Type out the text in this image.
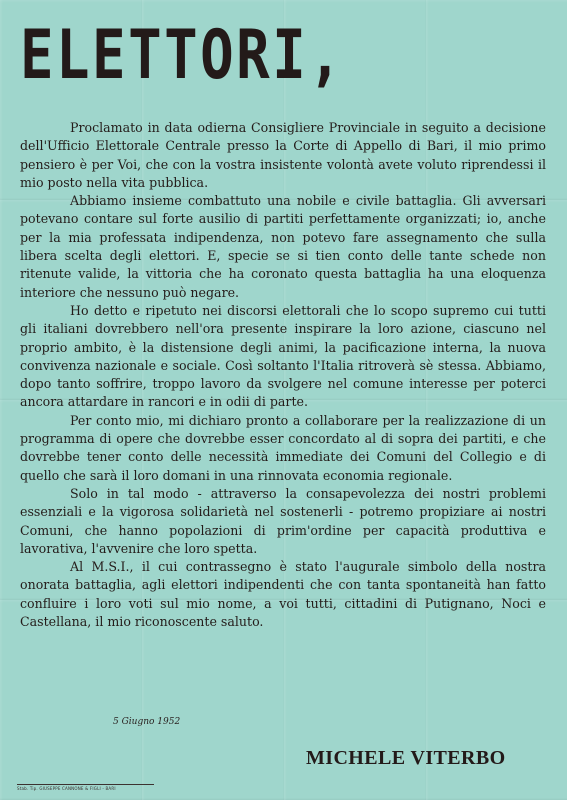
ELETTORI,

Proclamato in data odierna Consigliere Provinciale in seguito a decisione dell'Ufficio Elettorale Centrale presso la Corte di Appello di Bari, il mio primo pensiero è per Voi, che con la vostra insistente volontà avete voluto riprendessi il mio posto nella vita pubblica.

Abbiamo insieme combattuto una nobile e civile battaglia. Gli avversari potevano contare sul forte ausilio di partiti perfettamente organizzati; io, anche per la mia professata indipendenza, non potevo fare assegnamento che sulla libera scelta degli elettori. E, specie se si tien conto delle tante schede non ritenute valide, la vittoria che ha coronato questa battaglia ha una eloquenza interiore che nessuno può negare.

Ho detto e ripetuto nei discorsi elettorali che lo scopo supremo cui tutti gli italiani dovrebbero nell'ora presente inspirare la loro azione, ciascuno nel proprio ambito, è la distensione degli animi, la pacificazione interna, la nuova convivenza nazionale e sociale. Così soltanto l'Italia ritroverà sè stessa. Abbiamo, dopo tanto soffrire, troppo lavoro da svolgere nel comune interesse per poterci ancora attardare in rancori e in odii di parte.

Per conto mio, mi dichiaro pronto a collaborare per la realizzazione di un programma di opere che dovrebbe esser concordato al di sopra dei partiti, e che dovrebbe tener conto delle necessità immediate dei Comuni del Collegio e di quello che sarà il loro domani in una rinnovata economia regionale.

Solo in tal modo - attraverso la consapevolezza dei nostri problemi essenziali e la vigorosa solidarietà nel sostenerli - potremo propiziare ai nostri Comuni, che hanno popolazioni di prim'ordine per capacità produttiva e lavorativa, l'avvenire che loro spetta.

Al M.S.I., il cui contrassegno è stato l'augurale simbolo della nostra onorata battaglia, agli elettori indipendenti che con tanta spontaneità han fatto confluire i loro voti sul mio nome, a voi tutti, cittadini di Putignano, Noci e Castellana, il mio riconoscente saluto.

5 Giugno 1952
MICHELE VITERBO
Stab. Tip. GIUSEPPE CANNONE & FIGLI - BARI
